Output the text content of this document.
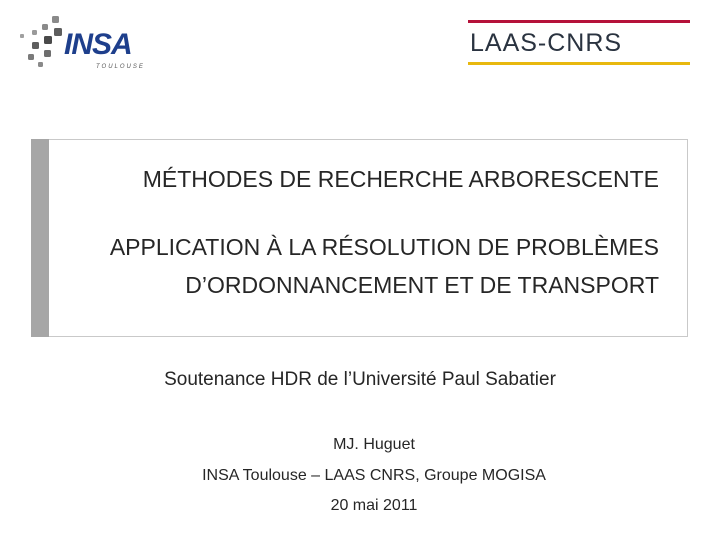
INSA
TOULOUSE
LAAS-CNRS
MÉTHODES DE RECHERCHE ARBORESCENTE
APPLICATION À LA RÉSOLUTION DE PROBLÈMES
D’ORDONNANCEMENT ET DE TRANSPORT
Soutenance HDR de l’Université Paul Sabatier
MJ. Huguet
INSA Toulouse – LAAS CNRS, Groupe MOGISA
20 mai 2011
